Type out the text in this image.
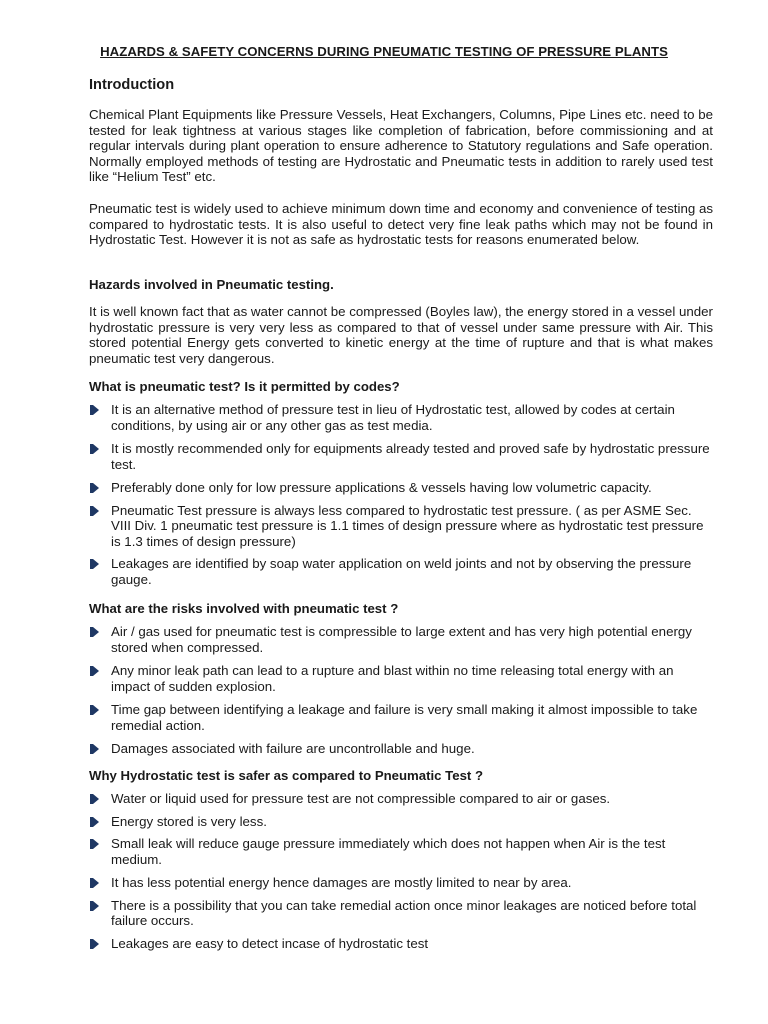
HAZARDS & SAFETY CONCERNS DURING PNEUMATIC TESTING OF PRESSURE PLANTS
Introduction
Chemical Plant Equipments like Pressure Vessels, Heat Exchangers, Columns, Pipe Lines etc. need to be tested for leak tightness at various stages like completion of fabrication, before commissioning and at regular intervals during plant operation to ensure adherence to Statutory regulations and Safe operation. Normally employed methods of testing are Hydrostatic and Pneumatic tests in addition to rarely used test like “Helium Test” etc.
Pneumatic test is widely used to achieve minimum down time and economy and convenience of testing as compared to hydrostatic tests. It is also useful to detect very fine leak paths which may not be found in Hydrostatic Test. However it is not as safe as hydrostatic tests for reasons enumerated below.
Hazards involved in Pneumatic testing.
It is well known fact that as water cannot be compressed (Boyles law), the energy stored in a vessel under hydrostatic pressure is very very less as compared to that of vessel under same pressure with Air. This stored potential Energy gets converted to kinetic energy at the time of rupture and that is what makes pneumatic test very dangerous.
What is pneumatic test? Is it permitted by codes?
It is an alternative method of pressure test in lieu of Hydrostatic test, allowed by codes at certain conditions, by using air or any other gas as test media.
It is mostly recommended only for equipments already tested and proved safe by hydrostatic pressure test.
Preferably done only for low pressure applications & vessels having low volumetric capacity.
Pneumatic Test pressure is always less compared to hydrostatic test pressure. ( as per ASME Sec. VIII Div. 1 pneumatic test pressure is 1.1 times of design pressure where as hydrostatic test pressure is 1.3 times of design pressure)
Leakages are identified by soap water application on weld joints and not by observing the pressure gauge.
What are the risks involved with pneumatic test ?
Air / gas used for pneumatic test is compressible to large extent and has very high potential energy stored when compressed.
Any minor leak path can lead to a rupture and blast within no time releasing total energy with an impact of sudden explosion.
Time gap between identifying a leakage and failure is very small making it almost impossible to take remedial action.
Damages associated with failure are uncontrollable and huge.
Why Hydrostatic test is safer as compared to Pneumatic Test ?
Water or liquid used for pressure test are not compressible compared to air or gases.
Energy stored is very less.
Small leak will reduce gauge pressure immediately which does not happen when Air is the test medium.
It has less potential energy hence damages are mostly limited to near by area.
There is a possibility that you can take remedial action once minor leakages are noticed before total failure occurs.
Leakages are easy to detect incase of hydrostatic test
